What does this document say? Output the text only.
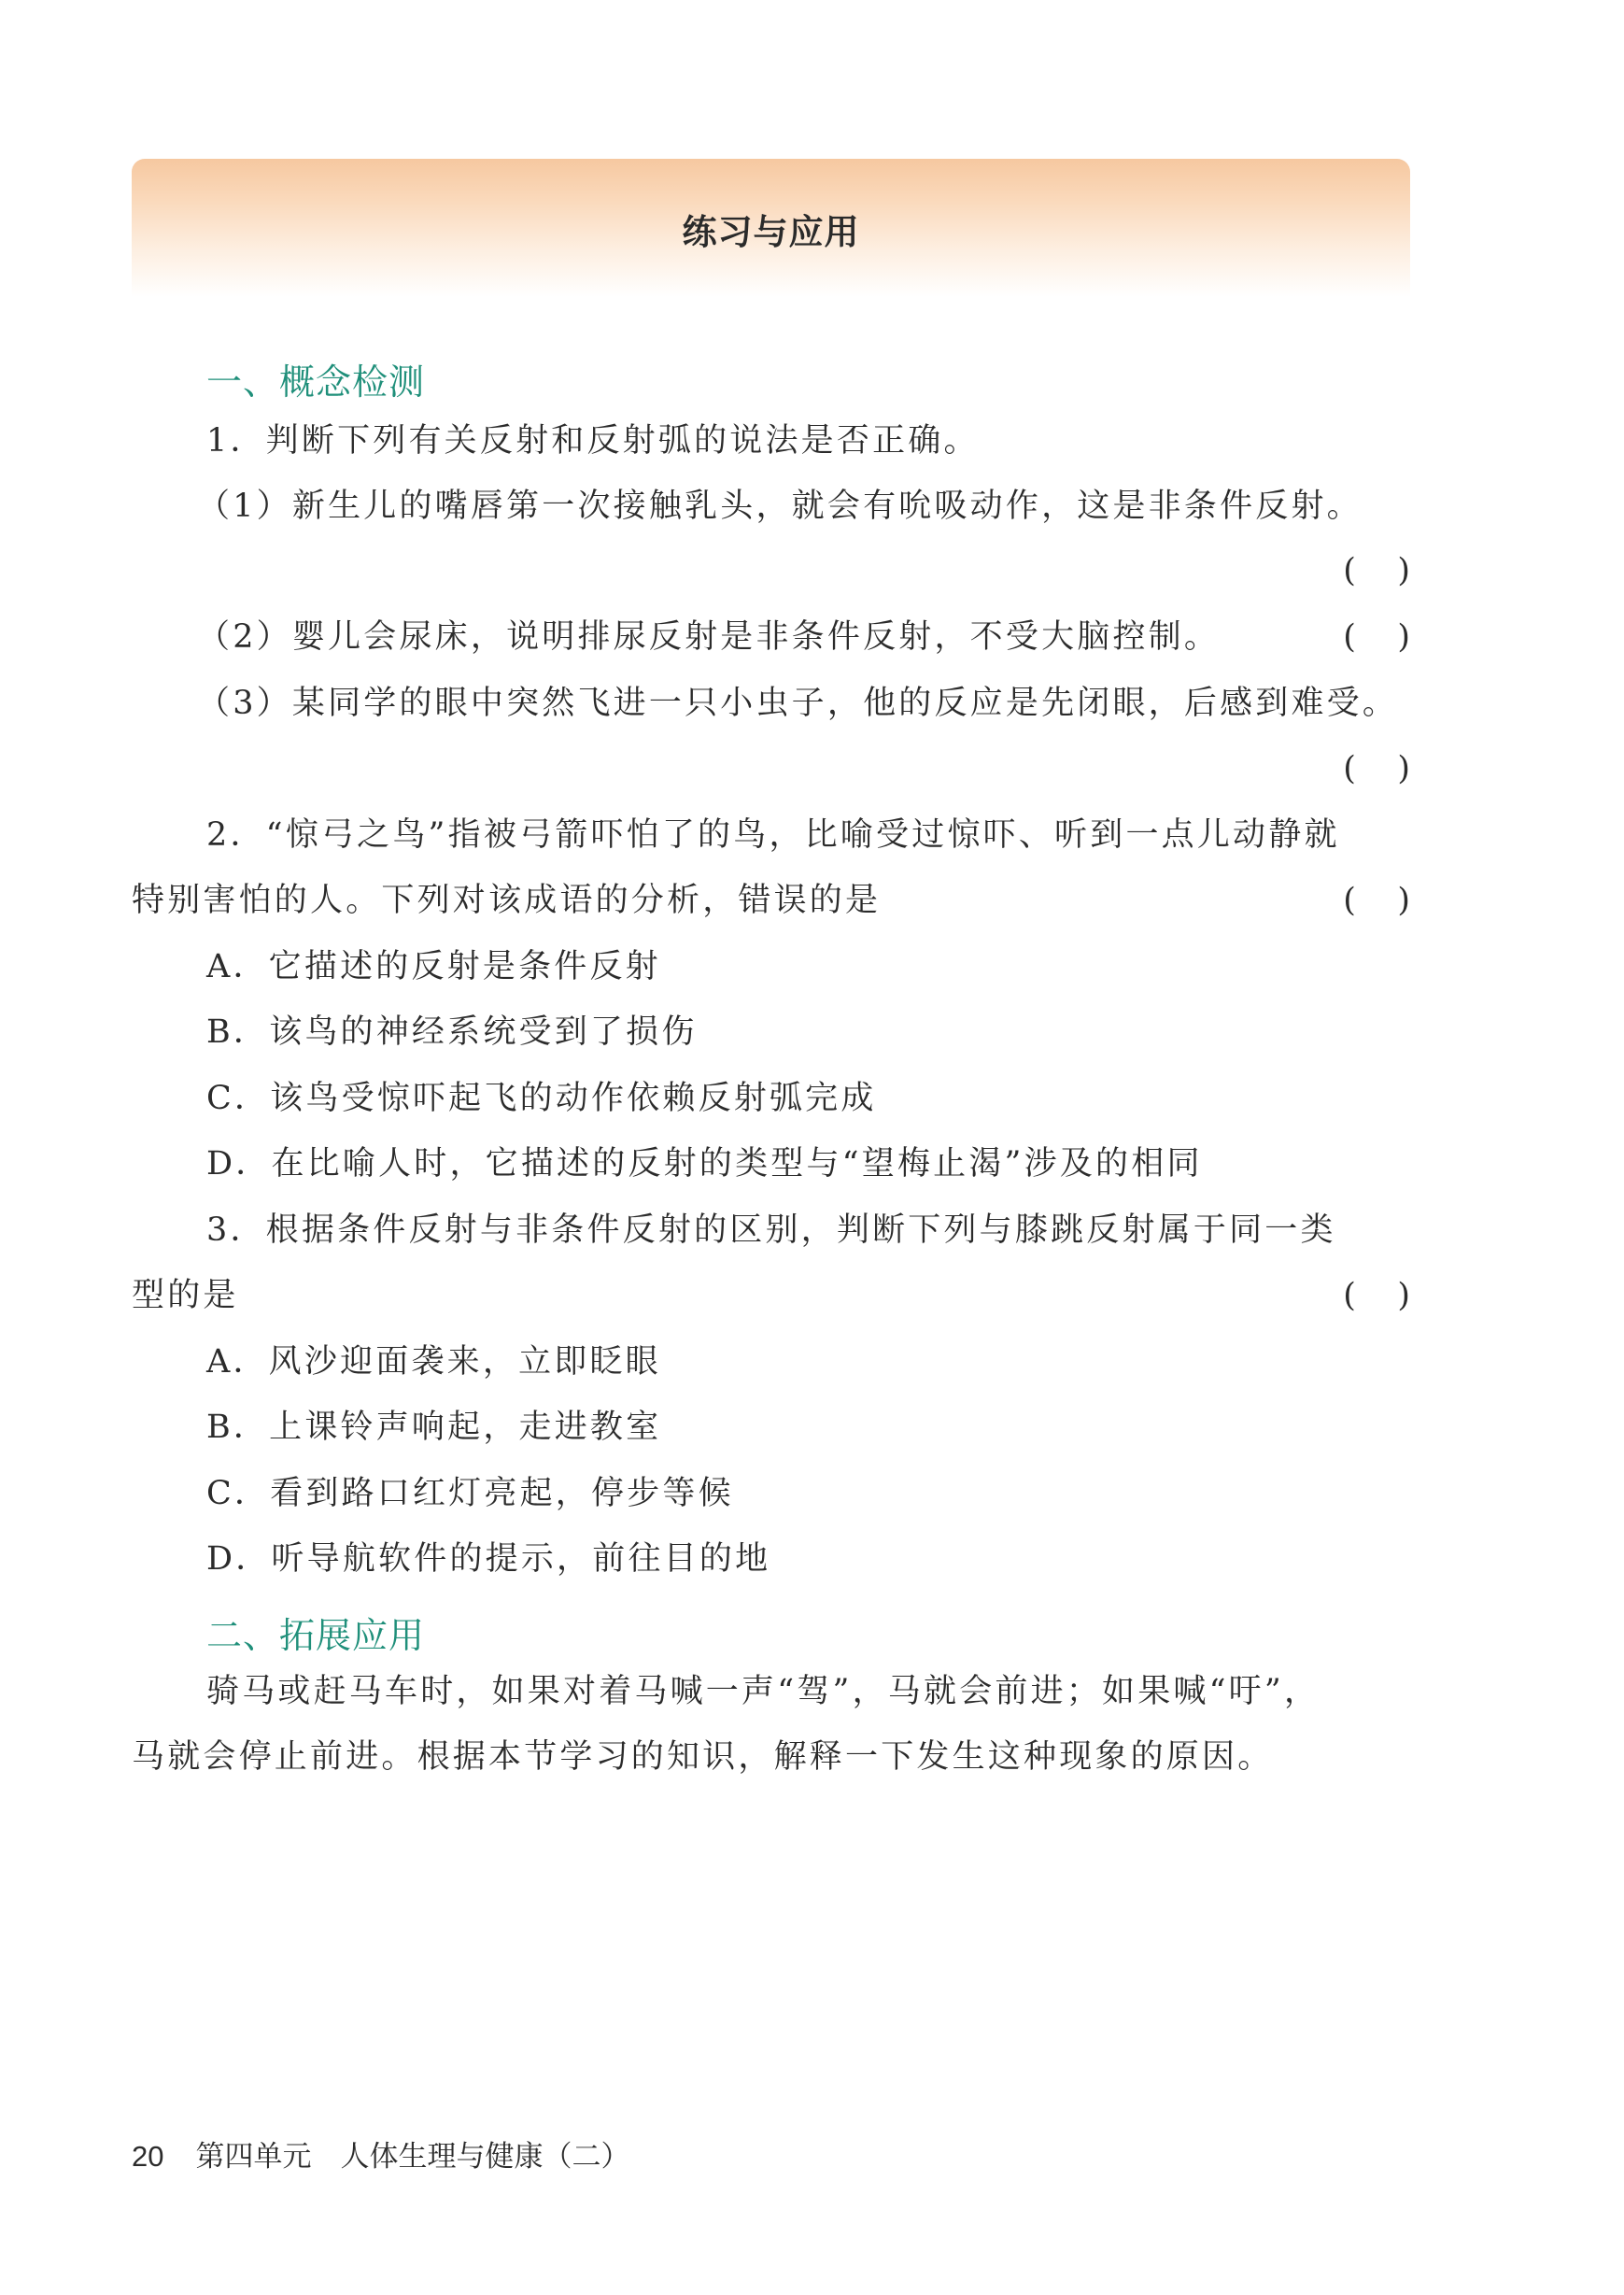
练习与应用
一、概念检测
1．判断下列有关反射和反射弧的说法是否正确。
（1）新生儿的嘴唇第一次接触乳头，就会有吮吸动作，这是非条件反射。
(    )
（2）婴儿会尿床，说明排尿反射是非条件反射，不受大脑控制。	(    )
（3）某同学的眼中突然飞进一只小虫子，他的反应是先闭眼，后感到难受。
(    )
2．“惊弓之鸟”指被弓箭吓怕了的鸟，比喻受过惊吓、听到一点儿动静就
特别害怕的人。下列对该成语的分析，错误的是	(    )
A．它描述的反射是条件反射
B．该鸟的神经系统受到了损伤
C．该鸟受惊吓起飞的动作依赖反射弧完成
D．在比喻人时，它描述的反射的类型与“望梅止渴”涉及的相同
3．根据条件反射与非条件反射的区别，判断下列与膝跳反射属于同一类
型的是	(    )
A．风沙迎面袭来，立即眨眼
B．上课铃声响起，走进教室
C．看到路口红灯亮起，停步等候
D．听导航软件的提示，前往目的地
二、拓展应用
骑马或赶马车时，如果对着马喊一声“驾”，马就会前进；如果喊“吁”，
马就会停止前进。根据本节学习的知识，解释一下发生这种现象的原因。
20 第四单元　人体生理与健康（二）
